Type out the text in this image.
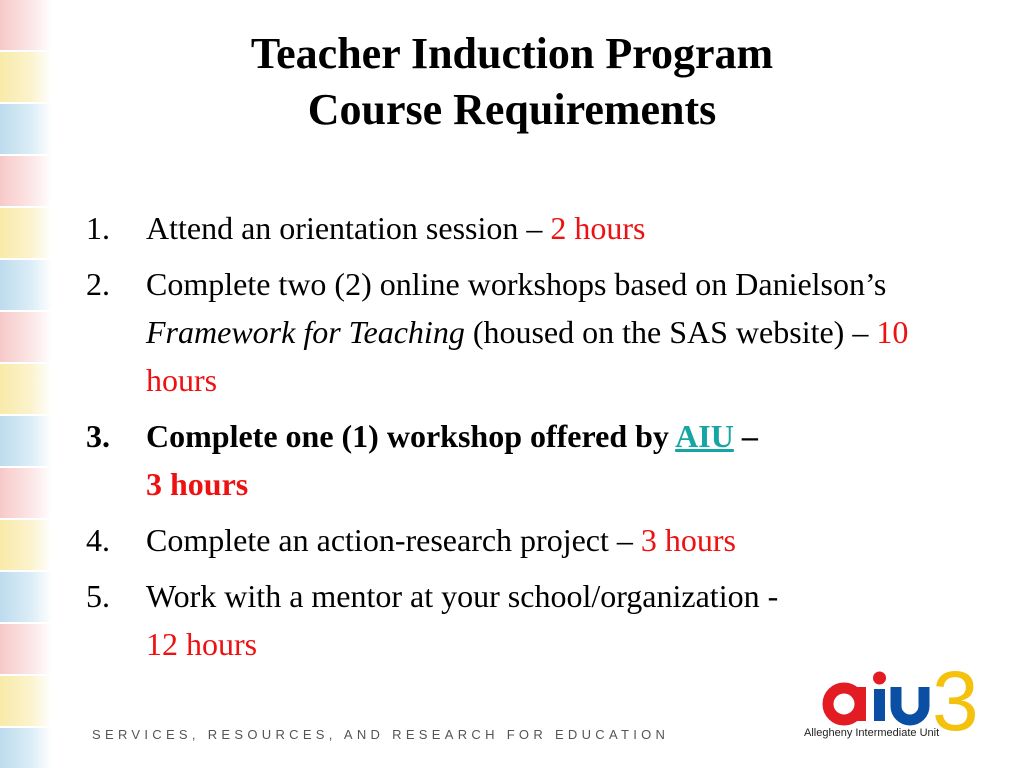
Teacher Induction Program
Course Requirements
1. Attend an orientation session – 2 hours
2. Complete two (2) online workshops based on Danielson’s Framework for Teaching (housed on the SAS website) – 10 hours
3. Complete one (1) workshop offered by AIU –
3 hours
4. Complete an action-research project – 3 hours
5. Work with a mentor at your school/organization -
12 hours
SERVICES, RESOURCES, AND RESEARCH FOR EDUCATION	3
Allegheny Intermediate Unit
